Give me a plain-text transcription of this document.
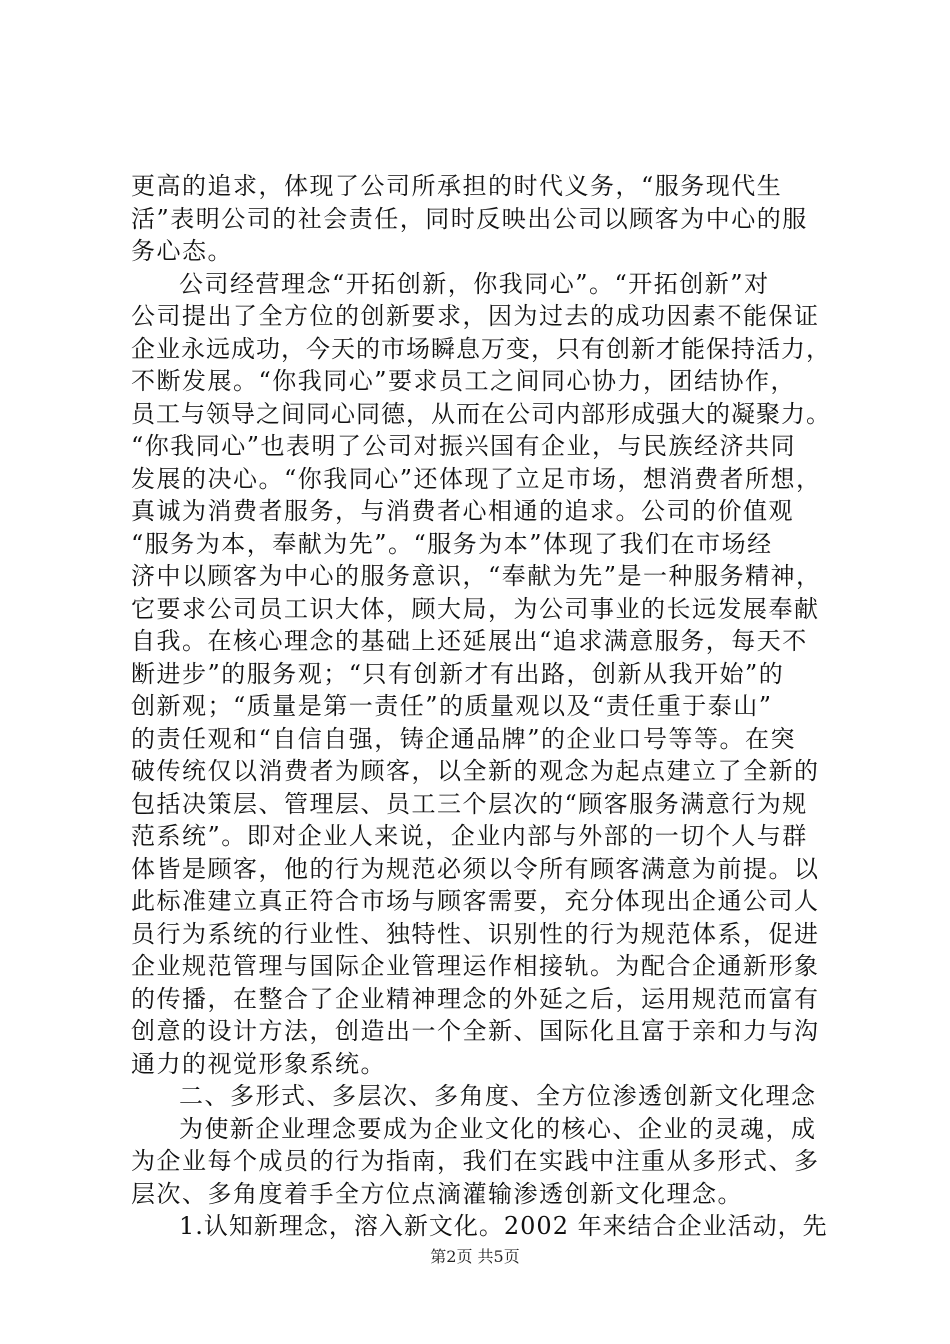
更高的追求，体现了公司所承担的时代义务，“服务现代生
活”表明公司的社会责任，同时反映出公司以顾客为中心的服
务心态。
公司经营理念“开拓创新，你我同心”。“开拓创新”对
公司提出了全方位的创新要求，因为过去的成功因素不能保证
企业永远成功，今天的市场瞬息万变，只有创新才能保持活力，
不断发展。“你我同心”要求员工之间同心协力，团结协作，
员工与领导之间同心同德，从而在公司内部形成强大的凝聚力。
“你我同心”也表明了公司对振兴国有企业，与民族经济共同
发展的决心。“你我同心”还体现了立足市场，想消费者所想，
真诚为消费者服务，与消费者心相通的追求。公司的价值观
“服务为本，奉献为先”。“服务为本”体现了我们在市场经
济中以顾客为中心的服务意识，“奉献为先”是一种服务精神，
它要求公司员工识大体，顾大局，为公司事业的长远发展奉献
自我。在核心理念的基础上还延展出“追求满意服务，每天不
断进步”的服务观；“只有创新才有出路，创新从我开始”的
创新观；“质量是第一责任”的质量观以及“责任重于泰山”
的责任观和“自信自强，铸企通品牌”的企业口号等等。在突
破传统仅以消费者为顾客，以全新的观念为起点建立了全新的
包括决策层、管理层、员工三个层次的“顾客服务满意行为规
范系统”。即对企业人来说，企业内部与外部的一切个人与群
体皆是顾客，他的行为规范必须以令所有顾客满意为前提。以
此标准建立真正符合市场与顾客需要，充分体现出企通公司人
员行为系统的行业性、独特性、识别性的行为规范体系，促进
企业规范管理与国际企业管理运作相接轨。为配合企通新形象
的传播，在整合了企业精神理念的外延之后，运用规范而富有
创意的设计方法，创造出一个全新、国际化且富于亲和力与沟
通力的视觉形象系统。
二、多形式、多层次、多角度、全方位渗透创新文化理念
为使新企业理念要成为企业文化的核心、企业的灵魂，成
为企业每个成员的行为指南，我们在实践中注重从多形式、多
层次、多角度着手全方位点滴灌输渗透创新文化理念。
1.认知新理念，溶入新文化。2002 年来结合企业活动，先
第2页 共5页
